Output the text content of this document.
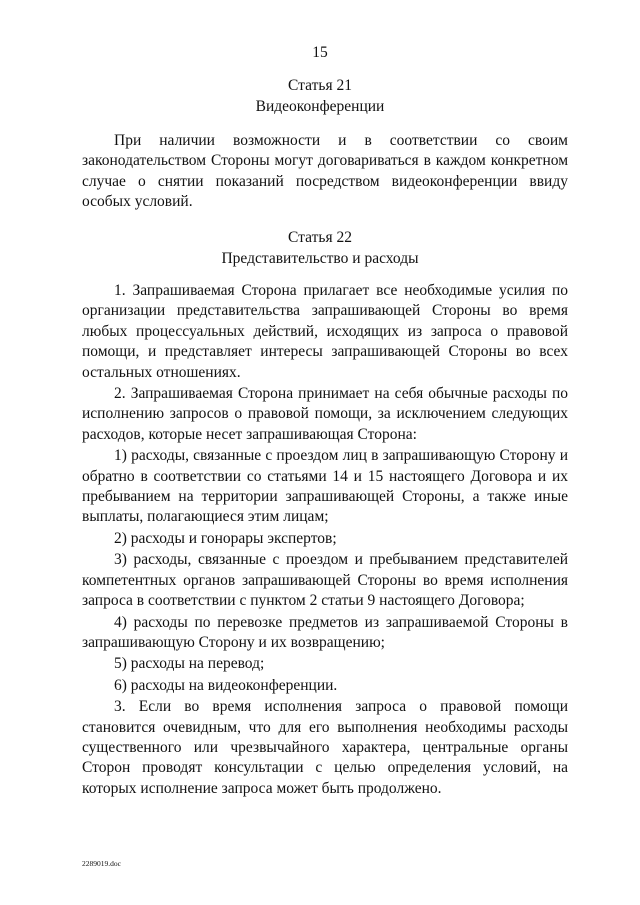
15
Статья 21
Видеоконференции

При наличии возможности и в соответствии со своим законодательством Стороны могут договариваться в каждом конкретном случае о снятии показаний посредством видеоконференции ввиду особых условий.

Статья 22
Представительство и расходы

1. Запрашиваемая Сторона прилагает все необходимые усилия по организации представительства запрашивающей Стороны во время любых процессуальных действий, исходящих из запроса о правовой помощи, и представляет интересы запрашивающей Стороны во всех остальных отношениях.

2. Запрашиваемая Сторона принимает на себя обычные расходы по исполнению запросов о правовой помощи, за исключением следующих расходов, которые несет запрашивающая Сторона:

1) расходы, связанные с проездом лиц в запрашивающую Сторону и обратно в соответствии со статьями 14 и 15 настоящего Договора и их пребыванием на территории запрашивающей Стороны, а также иные выплаты, полагающиеся этим лицам;

2) расходы и гонорары экспертов;

3) расходы, связанные с проездом и пребыванием представителей компетентных органов запрашивающей Стороны во время исполнения запроса в соответствии с пунктом 2 статьи 9 настоящего Договора;

4) расходы по перевозке предметов из запрашиваемой Стороны в запрашивающую Сторону и их возвращению;

5) расходы на перевод;

6) расходы на видеоконференции.

3. Если во время исполнения запроса о правовой помощи становится очевидным, что для его выполнения необходимы расходы существенного или чрезвычайного характера, центральные органы Сторон проводят консультации с целью определения условий, на которых исполнение запроса может быть продолжено.

2289019.doc
